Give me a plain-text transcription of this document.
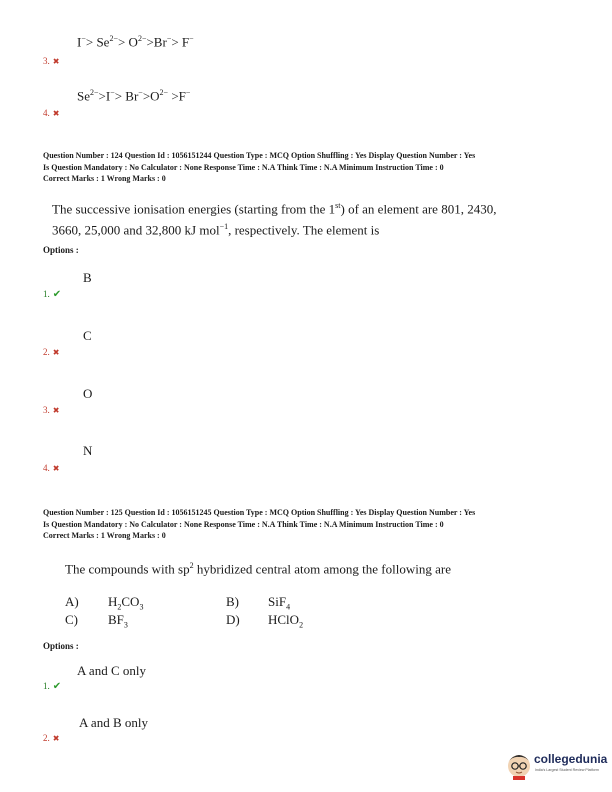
$I^-> Se^{2-}> O^{2-}>Br^-> F^-$
3. ✖
$Se^{2-}>I^-> Br^->O^{2-} >F^-$
4. ✖
Question Number : 124 Question Id : 1056151244 Question Type : MCQ Option Shuffling : Yes Display Question Number : Yes
Is Question Mandatory : No Calculator : None Response Time : N.A Think Time : N.A Minimum Instruction Time : 0
Correct Marks : 1 Wrong Marks : 0
The successive ionisation energies (starting from the 1st) of an element are 801, 2430,
3660, 25,000 and 32,800 kJ mol$^{-1}$, respectively. The element is
Options :
B
1. ✔
C
2. ✖
O
3. ✖
N
4. ✖
Question Number : 125 Question Id : 1056151245 Question Type : MCQ Option Shuffling : Yes Display Question Number : Yes
Is Question Mandatory : No Calculator : None Response Time : N.A Think Time : N.A Minimum Instruction Time : 0
Correct Marks : 1 Wrong Marks : 0
The compounds with $sp^2$ hybridized central atom among the following are
A) $H_2CO_3$	B) SiF$_4$
C) $BF_3$	D) HClO$_2$
Options :
A and C only
1. ✔
A and B only
2. ✖
collegedunia
India's Largest Student Review Platform
